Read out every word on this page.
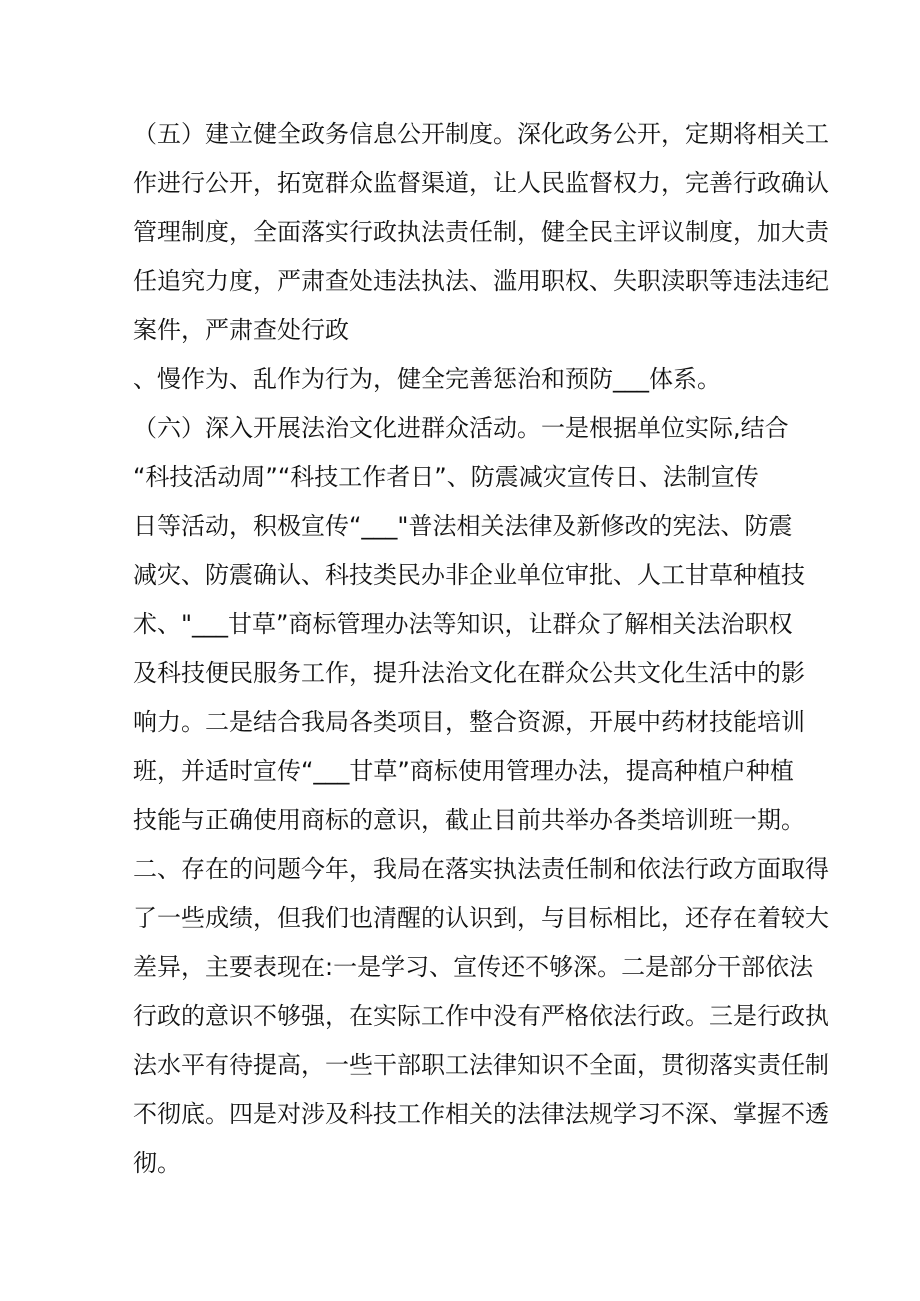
（五）建立健全政务信息公开制度。深化政务公开，定期将相关工
作进行公开，拓宽群众监督渠道，让人民监督权力，完善行政确认
管理制度，全面落实行政执法责任制，健全民主评议制度，加大责
任追究力度，严肃查处违法执法、滥用职权、失职渎职等违法违纪
案件，严肃查处行政
、慢作为、乱作为行为，健全完善惩治和预防___体系。
（六）深入开展法治文化进群众活动。一是根据单位实际,结合
“科技活动周”“科技工作者日”、防震减灾宣传日、法制宣传
日等活动，积极宣传“___"普法相关法律及新修改的宪法、防震
减灾、防震确认、科技类民办非企业单位审批、人工甘草种植技
术、"___甘草”商标管理办法等知识，让群众了解相关法治职权
及科技便民服务工作，提升法治文化在群众公共文化生活中的影
响力。二是结合我局各类项目，整合资源，开展中药材技能培训
班，并适时宣传“___甘草”商标使用管理办法，提高种植户种植
技能与正确使用商标的意识，截止目前共举办各类培训班一期。
二、存在的问题今年，我局在落实执法责任制和依法行政方面取得
了一些成绩，但我们也清醒的认识到，与目标相比，还存在着较大
差异，主要表现在:一是学习、宣传还不够深。二是部分干部依法
行政的意识不够强，在实际工作中没有严格依法行政。三是行政执
法水平有待提高，一些干部职工法律知识不全面，贯彻落实责任制
不彻底。四是对涉及科技工作相关的法律法规学习不深、掌握不透
彻。
